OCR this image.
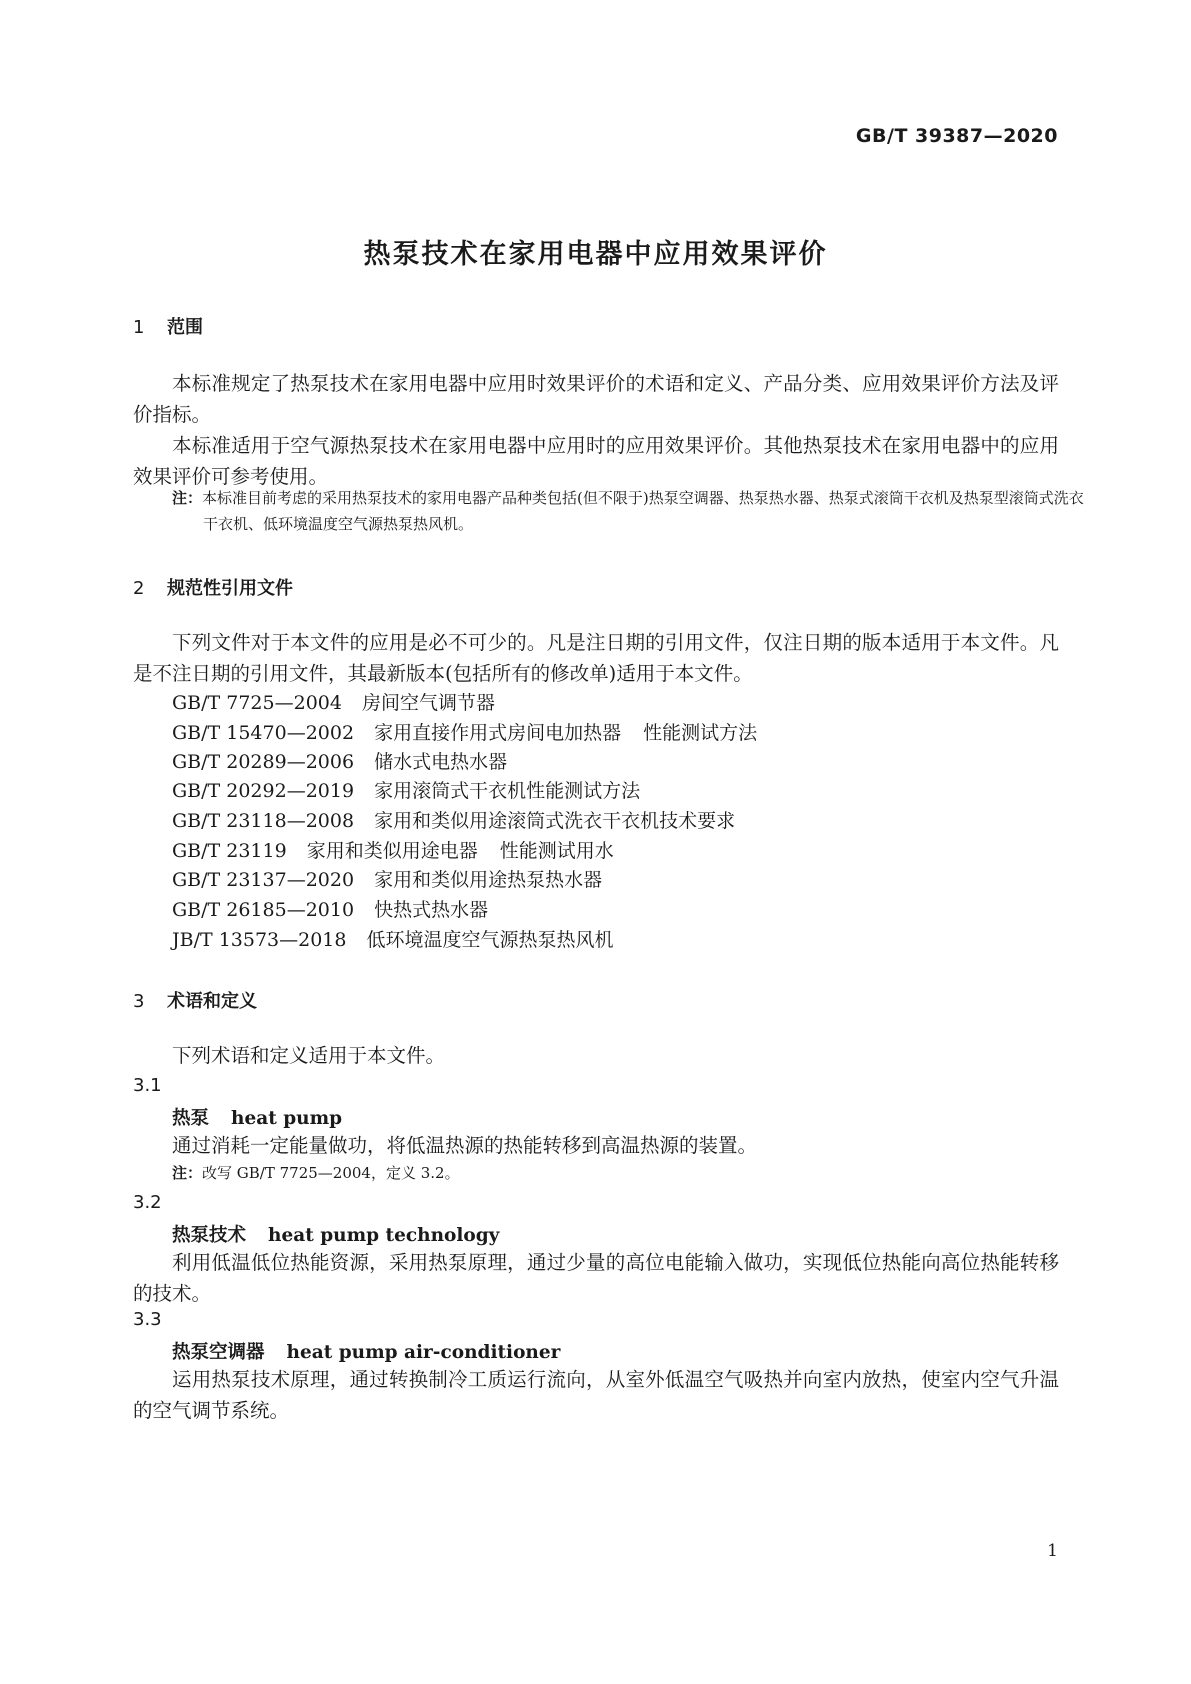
GB/T 39387—2020
热泵技术在家用电器中应用效果评价
1 范围

本标准规定了热泵技术在家用电器中应用时效果评价的术语和定义、产品分类、应用效果评价方法及评价指标。

本标准适用于空气源热泵技术在家用电器中应用时的应用效果评价。其他热泵技术在家用电器中的应用效果评价可参考使用。

注：本标准目前考虑的采用热泵技术的家用电器产品种类包括(但不限于)热泵空调器、热泵热水器、热泵式滚筒干衣机及热泵型滚筒式洗衣干衣机、低环境温度空气源热泵热风机。
2 规范性引用文件

下列文件对于本文件的应用是必不可少的。凡是注日期的引用文件，仅注日期的版本适用于本文件。凡是不注日期的引用文件，其最新版本(包括所有的修改单)适用于本文件。

GB/T 7725—2004 房间空气调节器
GB/T 15470—2002 家用直接作用式房间电加热器 性能测试方法
GB/T 20289—2006 储水式电热水器
GB/T 20292—2019 家用滚筒式干衣机性能测试方法
GB/T 23118—2008 家用和类似用途滚筒式洗衣干衣机技术要求
GB/T 23119 家用和类似用途电器 性能测试用水
GB/T 23137—2020 家用和类似用途热泵热水器
GB/T 26185—2010 快热式热水器
JB/T 13573—2018 低环境温度空气源热泵热风机
3 术语和定义

下列术语和定义适用于本文件。

3.1
热泵 heat pump

通过消耗一定能量做功，将低温热源的热能转移到高温热源的装置。

注：改写 GB/T 7725—2004，定义 3.2。
3.2
热泵技术 heat pump technology

利用低温低位热能资源，采用热泵原理，通过少量的高位电能输入做功，实现低位热能向高位热能转移的技术。

3.3
热泵空调器 heat pump air-conditioner

运用热泵技术原理，通过转换制冷工质运行流向，从室外低温空气吸热并向室内放热，使室内空气升温的空气调节系统。

1
